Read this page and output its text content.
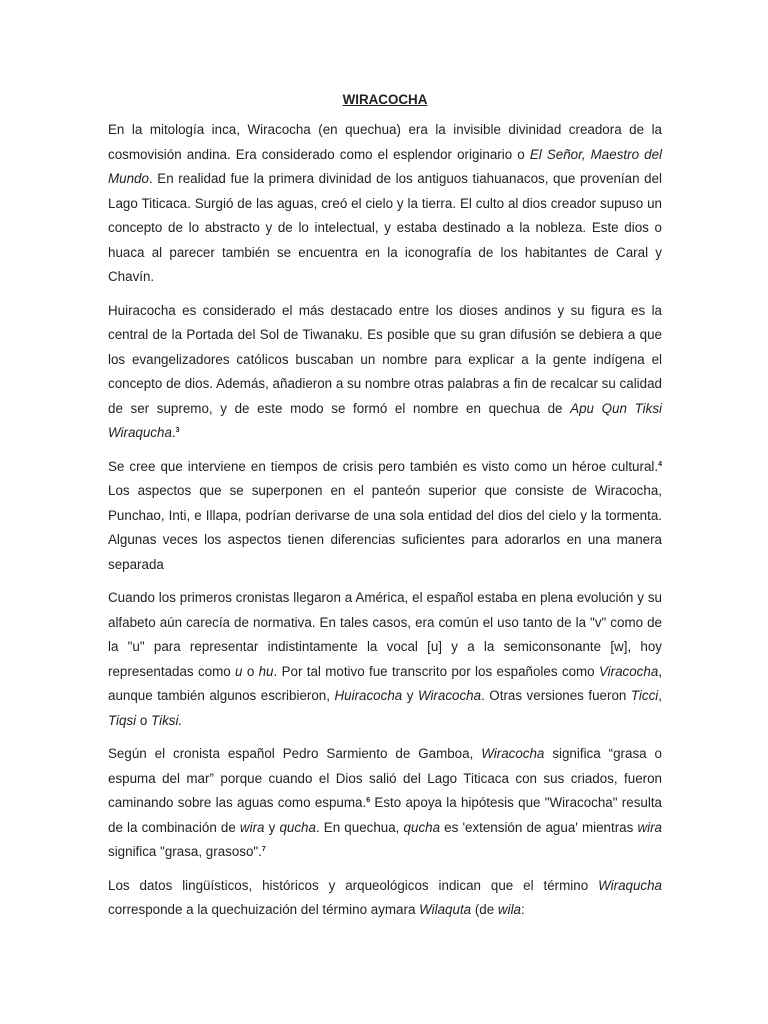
WIRACOCHA

En la mitología inca, Wiracocha (en quechua) era la invisible divinidad creadora de la cosmovisión andina. Era considerado como el esplendor originario o El Señor, Maestro del Mundo. En realidad fue la primera divinidad de los antiguos tiahuanacos, que provenían del Lago Titicaca. Surgió de las aguas, creó el cielo y la tierra. El culto al dios creador supuso un concepto de lo abstracto y de lo intelectual, y estaba destinado a la nobleza. Este dios o huaca al parecer también se encuentra en la iconografía de los habitantes de Caral y Chavín.

Huiracocha es considerado el más destacado entre los dioses andinos y su figura es la central de la Portada del Sol de Tiwanaku. Es posible que su gran difusión se debiera a que los evangelizadores católicos buscaban un nombre para explicar a la gente indígena el concepto de dios. Además, añadieron a su nombre otras palabras a fin de recalcar su calidad de ser supremo, y de este modo se formó el nombre en quechua de Apu Qun Tiksi Wiraqucha.$^3$

Se cree que interviene en tiempos de crisis pero también es visto como un héroe cultural.$^4$ Los aspectos que se superponen en el panteón superior que consiste de Wiracocha, Punchao, Inti, e Illapa, podrían derivarse de una sola entidad del dios del cielo y la tormenta. Algunas veces los aspectos tienen diferencias suficientes para adorarlos en una manera separada

Cuando los primeros cronistas llegaron a América, el español estaba en plena evolución y su alfabeto aún carecía de normativa. En tales casos, era común el uso tanto de la "v" como de la "u" para representar indistintamente la vocal [u] y a la semiconsonante [w], hoy representadas como u o hu. Por tal motivo fue transcrito por los españoles como Viracocha, aunque también algunos escribieron, Huiracocha y Wiracocha. Otras versiones fueron Ticci, Tiqsi o Tiksi.

Según el cronista español Pedro Sarmiento de Gamboa, Wiracocha significa “grasa o espuma del mar” porque cuando el Dios salió del Lago Titicaca con sus criados, fueron caminando sobre las aguas como espuma.$^6$ Esto apoya la hipótesis que "Wiracocha" resulta de la combinación de wira y qucha. En quechua, qucha es 'extensión de agua' mientras wira significa "grasa, grasoso".$^7$

Los datos lingüísticos, históricos y arqueológicos indican que el término Wiraqucha corresponde a la quechuización del término aymara Wilaquta (de wila:
